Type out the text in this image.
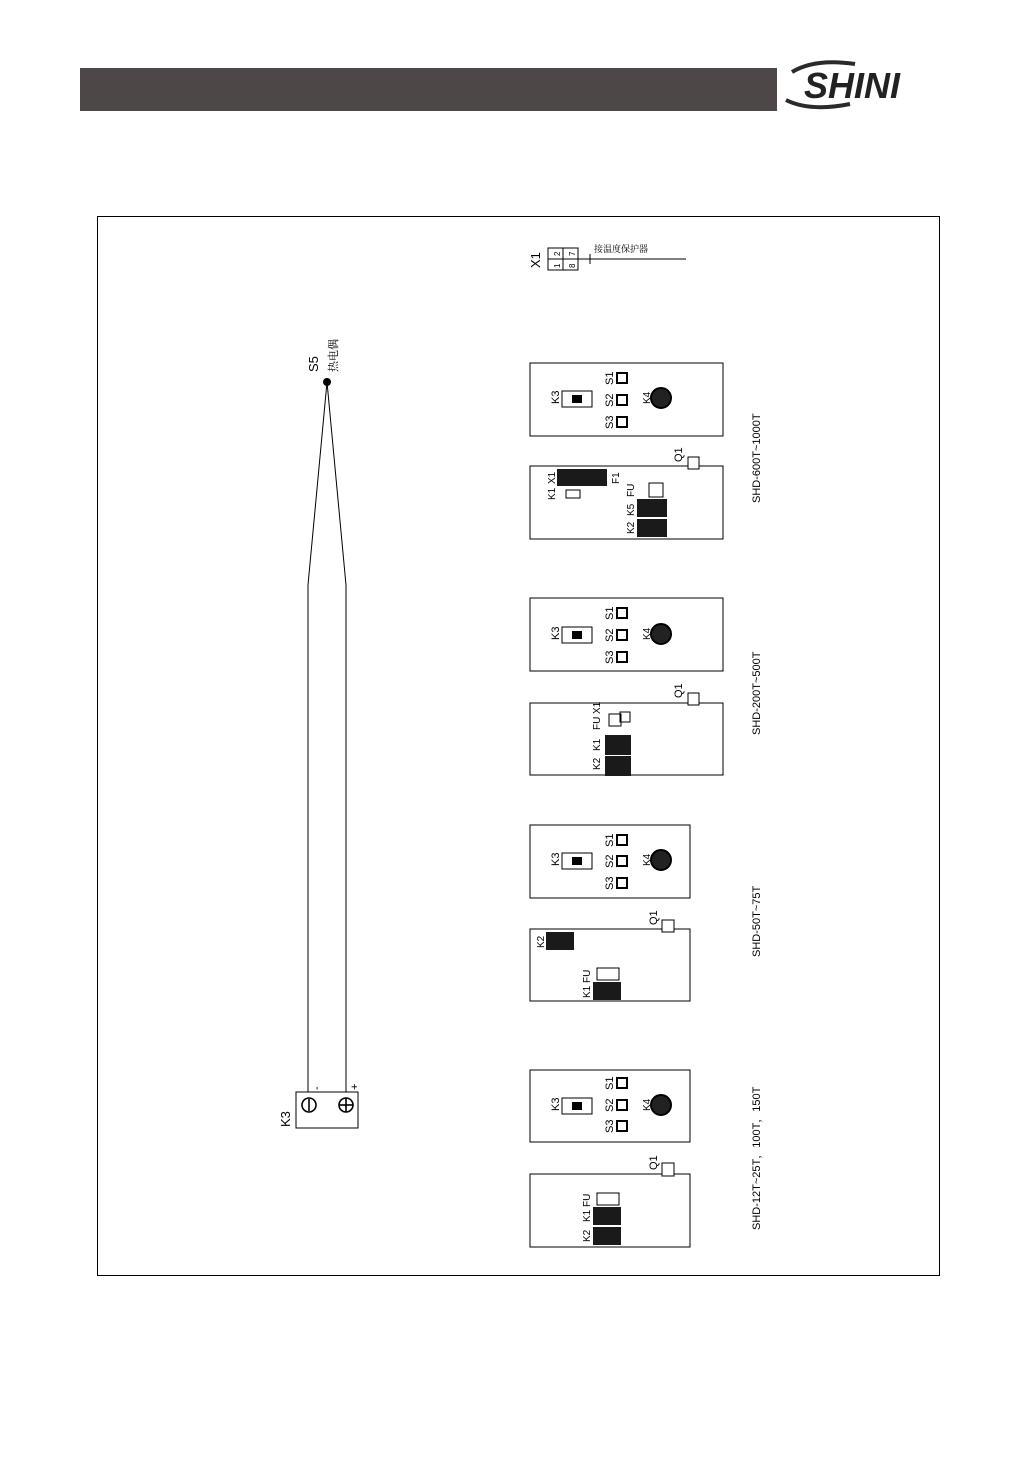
SHINI
S5 热电偶
K3
- +
X1 2
1
7
8
接温度保护器
K3
S1
S2
S3
K4
Q1
X1
K1
F1
K2
K5
FU	SHD-600T~1000T
K3
S1
S2
S3
K4
Q1
FU
X1
K1
K2
SHD-200T~500T
K3
S1
S2
S3
K4
Q1
K2
K1
FU
SHD-50T~75T
K3
S1
S2
S3
K4
Q1
K2
K1
FU	SHD-12T~25T，100T，150T
